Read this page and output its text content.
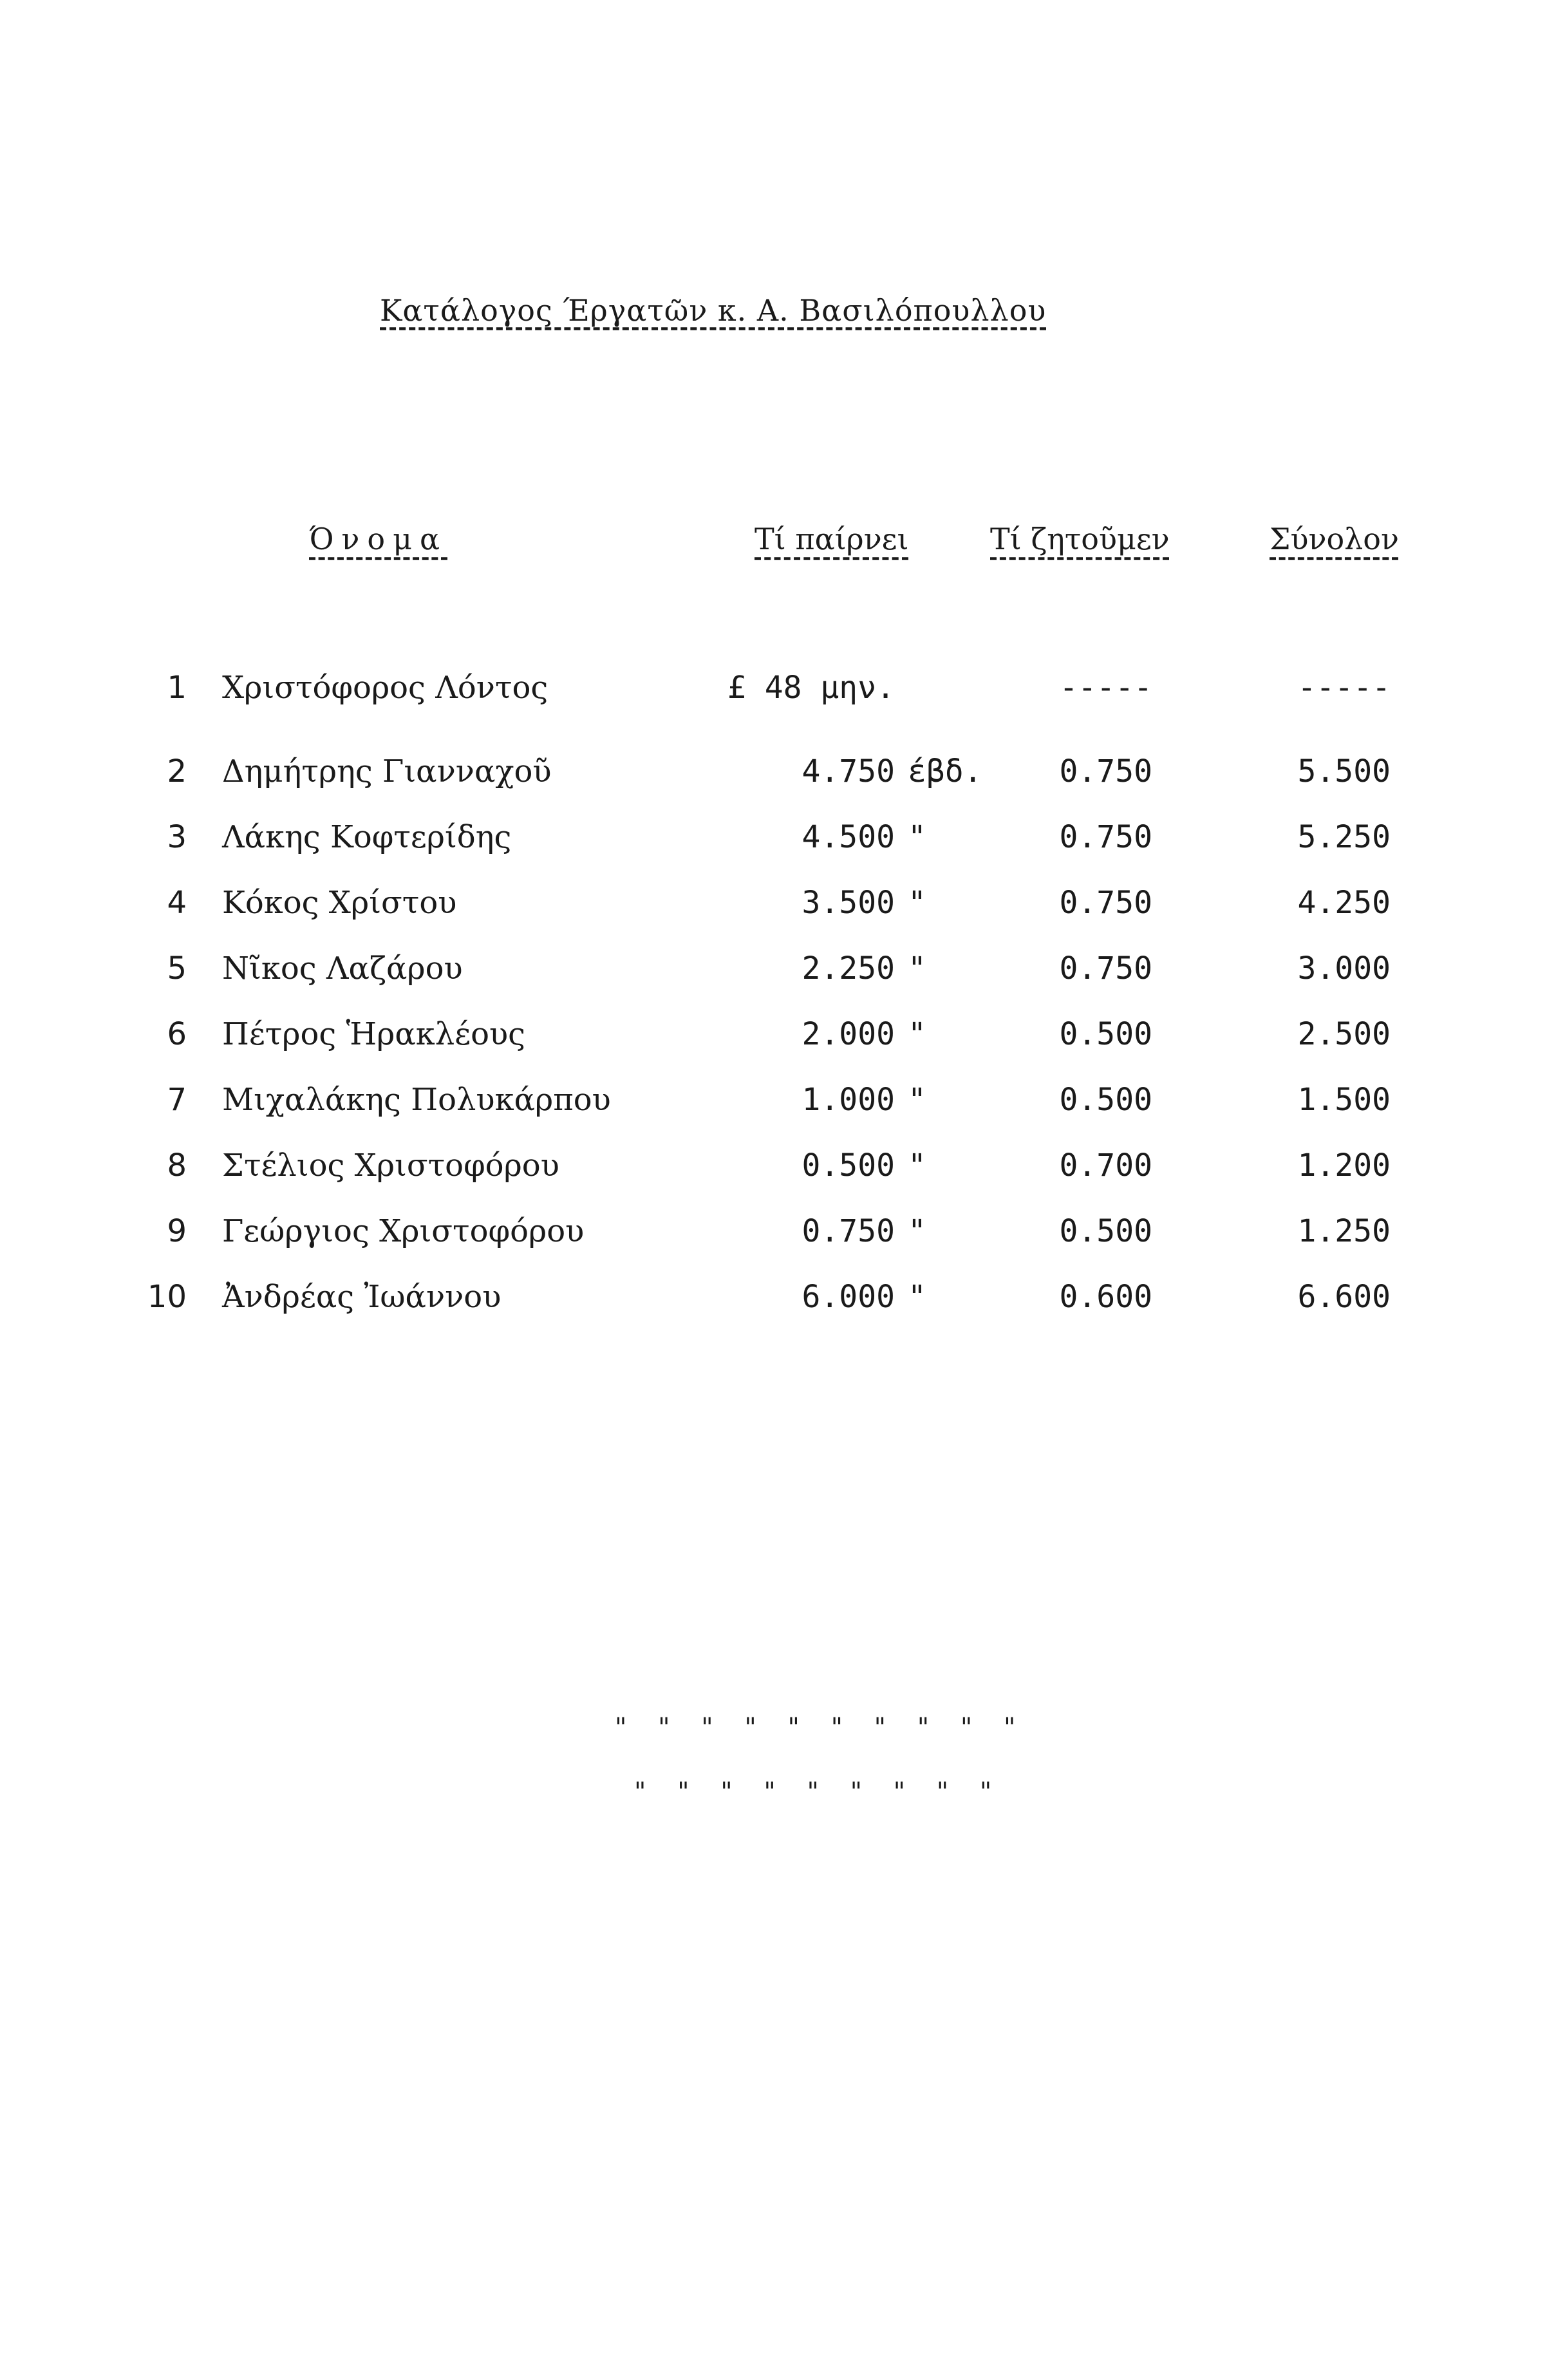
Κατάλογος Έργατῶν κ. Α. Βασιλόπουλλου
Όνομα	Τί παίρνει	Τί ζητοῦμεν	Σύνολον
1 Χριστόφορος Λόντος	£ 48 μην.	-----	-----
2 Δημήτρης Γιανναχοῦ	4.750 έβδ.	0.750	5.500
3 Λάκης Κοφτερίδης	4.500 "	0.750	5.250
4 Κόκος Χρίστου	3.500 "	0.750	4.250
5 Νῖκος Λαζάρου	2.250 "	0.750	3.000
6 Πέτρος Ἡρακλέους	2.000 "	0.500	2.500
7 Μιχαλάκης Πολυκάρπου	1.000 "	0.500	1.500
8 Στέλιος Χριστοφόρου	0.500 "	0.700	1.200
9 Γεώργιος Χριστοφόρου	0.750 "	0.500	1.250
10 Ἀνδρέας Ἰωάννου	6.000 "	0.600	6.600
" " " " " " " " " "
" " " " " " " " "
